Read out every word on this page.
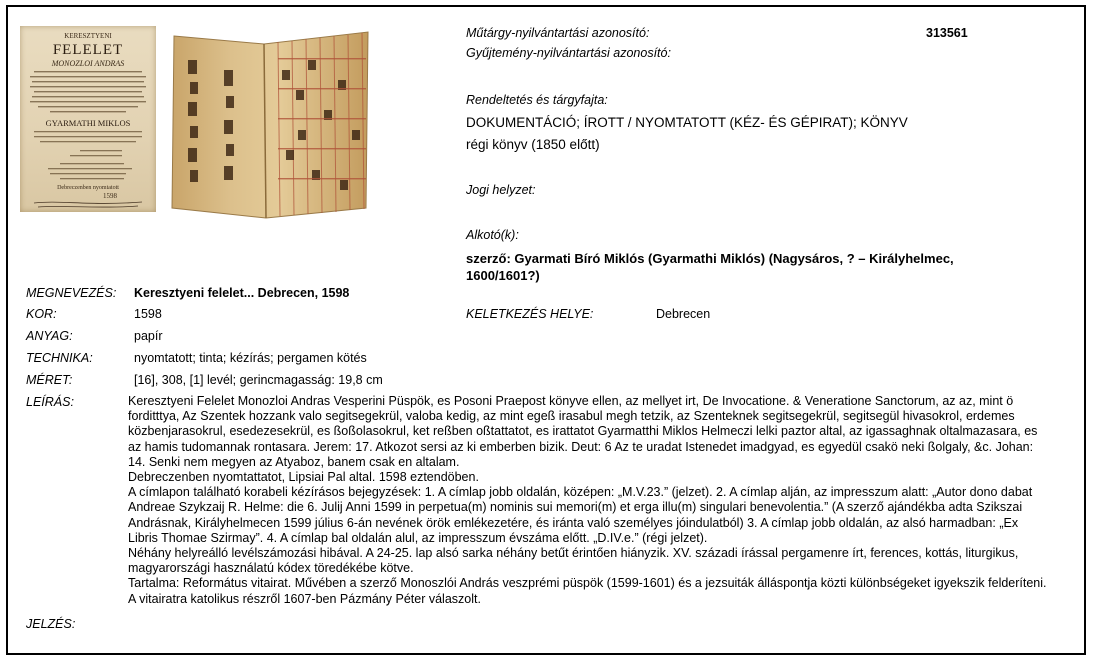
KERESZTYENI
FELELET
MONOZLOI ANDRAS
GYARMATHI MIKLOS
Debreczenben nyomtatott
1598
Műtárgy-nyilvántartási azonosító:	313561
Gyűjtemény-nyilvántartási azonosító:
Rendeltetés és tárgyfajta:
DOKUMENTÁCIÓ; ÍROTT / NYOMTATOTT (KÉZ- ÉS GÉPIRAT); KÖNYV
régi könyv (1850 előtt)
Jogi helyzet:
Alkotó(k):
szerző: Gyarmati Bíró Miklós (Gyarmathi Miklós) (Nagysáros, ? – Királyhelmec,
1600/1601?)
KELETKEZÉS HELYE:	Debrecen
MEGNEVEZÉS: Keresztyeni felelet... Debrecen, 1598
KOR:	1598
ANYAG:	papír
TECHNIKA:	nyomtatott; tinta; kézírás; pergamen kötés
MÉRET:	[16], 308, [1] levél; gerincmagasság: 19,8 cm
LEÍRÁS:	Keresztyeni Felelet Monozloi Andras Vesperini Püspök, es Posoni Praepost könyve ellen, az mellyet irt, De Invocatione. & Veneratione Sanctorum, az az, mint ö forditttya, Az Szentek hozzank valo segitsegekrül, valoba kedig, az mint egeß irasabul megh tetzik, az Szenteknek segitsegekrül, segitsegül hivasokrol, erdemes közbenjarasokrul, esedezesekrül, es ßoßolasokrul, ket reßben oßtattatot, es irattatot Gyarmatthi Miklos Helmeczi lelki paztor altal, az igassaghnak oltalmazasara, es az hamis tudomannak rontasara. Jerem: 17. Atkozot sersi az ki emberben bizik. Deut: 6 Az te uradat Istenedet imadgyad, es egyedül csakö neki ßolgaly, &c. Johan: 14. Senki nem megyen az Atyaboz, banem csak en altalam.

Debreczenben nyomtattatot, Lipsiai Pal altal. 1598 eztendöben.

A címlapon található korabeli kézírásos bejegyzések: 1. A címlap jobb oldalán, középen: „M.V.23.” (jelzet). 2. A címlap alján, az impresszum alatt: „Autor dono dabat Andreae Szykzaij R. Helme: die 6. Julij Anni 1599 in perpetua(m) nominis sui memori(m) et erga illu(m) singulari benevolentia.” (A szerző ajándékba adta Szikszai Andrásnak, Királyhelmecen 1599 július 6-án nevének örök emlékezetére, és iránta való személyes jóindulatból) 3. A címlap jobb oldalán, az alsó harmadban: „Ex Libris Thomae Szirmay”. 4. A címlap bal oldalán alul, az impresszum évszáma előtt. „D.IV.e.” (régi jelzet).

Néhány helyreálló levélszámozási hibával. A 24-25. lap alsó sarka néhány betűt érintően hiányzik. XV. századi írással pergamenre írt, ferences, kottás, liturgikus, magyarországi használatú kódex töredékébe kötve.

Tartalma: Református vitairat. Művében a szerző Monoszlói András veszprémi püspök (1599-1601) és a jezsuiták álláspontja közti különbségeket igyekszik felderíteni. A vitairatra katolikus részről 1607-ben Pázmány Péter válaszolt.

JELZÉS:
